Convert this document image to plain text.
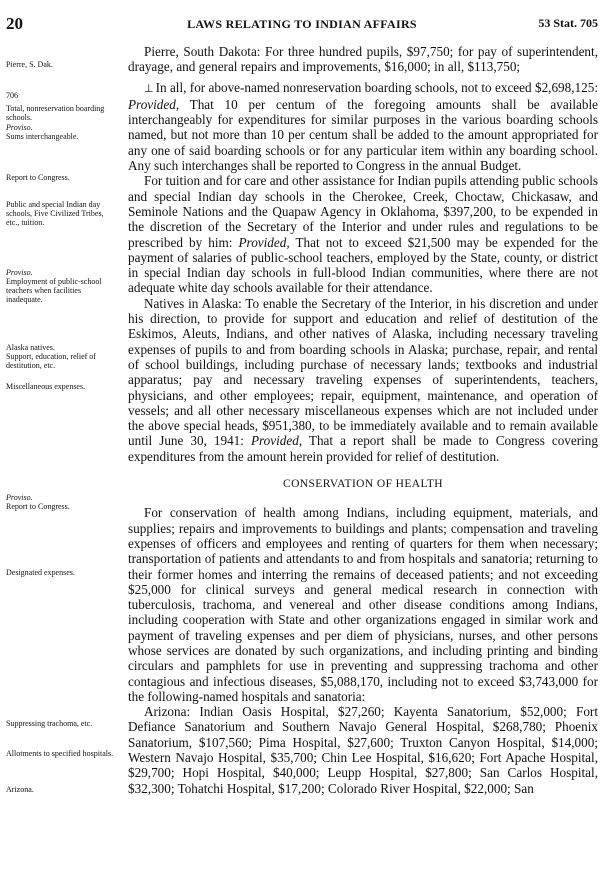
20	LAWS RELATING TO INDIAN AFFAIRS	53 Stat. 705
Pierre, S. Dak.
706
Total, nonreservation boarding schools.
Proviso.
Sums interchangeable.
Report to Congress.
Public and special Indian day schools, Five Civilized Tribes, etc., tuition.
Proviso.
Employment of public-school teachers when facilities inadequate.
Alaska natives.
Support, education, relief of destitution, etc.
Miscellaneous expenses.
Proviso.
Report to Congress.
Designated expenses.
Suppressing trachoma, etc.
Allotments to specified hospitals.
Arizona.

Pierre, South Dakota: For three hundred pupils, $97,750; for pay of superintendent, drayage, and general repairs and improvements, $16,000; in all, $113,750;

⊥ In all, for above-named nonreservation boarding schools, not to exceed $2,698,125: Provided, That 10 per centum of the foregoing amounts shall be available interchangeably for expenditures for similar purposes in the various boarding schools named, but not more than 10 per centum shall be added to the amount appropriated for any one of said boarding schools or for any particular item within any boarding school. Any such interchanges shall be reported to Congress in the annual Budget.

For tuition and for care and other assistance for Indian pupils attending public schools and special Indian day schools in the Cherokee, Creek, Choctaw, Chickasaw, and Seminole Nations and the Quapaw Agency in Oklahoma, $397,200, to be expended in the discretion of the Secretary of the Interior and under rules and regulations to be prescribed by him: Provided, That not to exceed $21,500 may be expended for the payment of salaries of public-school teachers, employed by the State, county, or district in special Indian day schools in full-blood Indian communities, where there are not adequate white day schools available for their attendance.

Natives in Alaska: To enable the Secretary of the Interior, in his discretion and under his direction, to provide for support and education and relief of destitution of the Eskimos, Aleuts, Indians, and other natives of Alaska, including necessary traveling expenses of pupils to and from boarding schools in Alaska; purchase, repair, and rental of school buildings, including purchase of necessary lands; textbooks and industrial apparatus; pay and necessary traveling expenses of superintendents, teachers, physicians, and other employees; repair, equipment, maintenance, and operation of vessels; and all other necessary miscellaneous expenses which are not included under the above special heads, $951,380, to be immediately available and to remain available until June 30, 1941: Provided, That a report shall be made to Congress covering expenditures from the amount herein provided for relief of destitution.

CONSERVATION OF HEALTH

For conservation of health among Indians, including equipment, materials, and supplies; repairs and improvements to buildings and plants; compensation and traveling expenses of officers and employees and renting of quarters for them when necessary; transportation of patients and attendants to and from hospitals and sanatoria; returning to their former homes and interring the remains of deceased patients; and not exceeding $25,000 for clinical surveys and general medical research in connection with tuberculosis, trachoma, and venereal and other disease conditions among Indians, including cooperation with State and other organizations engaged in similar work and payment of traveling expenses and per diem of physicians, nurses, and other persons whose services are donated by such organizations, and including printing and binding circulars and pamphlets for use in preventing and suppressing trachoma and other contagious and infectious diseases, $5,088,170, including not to exceed $3,743,000 for the following-named hospitals and sanatoria:

Arizona: Indian Oasis Hospital, $27,260; Kayenta Sanatorium, $52,000; Fort Defiance Sanatorium and Southern Navajo General Hospital, $268,780; Phoenix Sanatorium, $107,560; Pima Hospital, $27,600; Truxton Canyon Hospital, $14,000; Western Navajo Hospital, $35,700; Chin Lee Hospital, $16,620; Fort Apache Hospital, $29,700; Hopi Hospital, $40,000; Leupp Hospital, $27,800; San Carlos Hospital, $32,300; Tohatchi Hospital, $17,200; Colorado River Hospital, $22,000; San
